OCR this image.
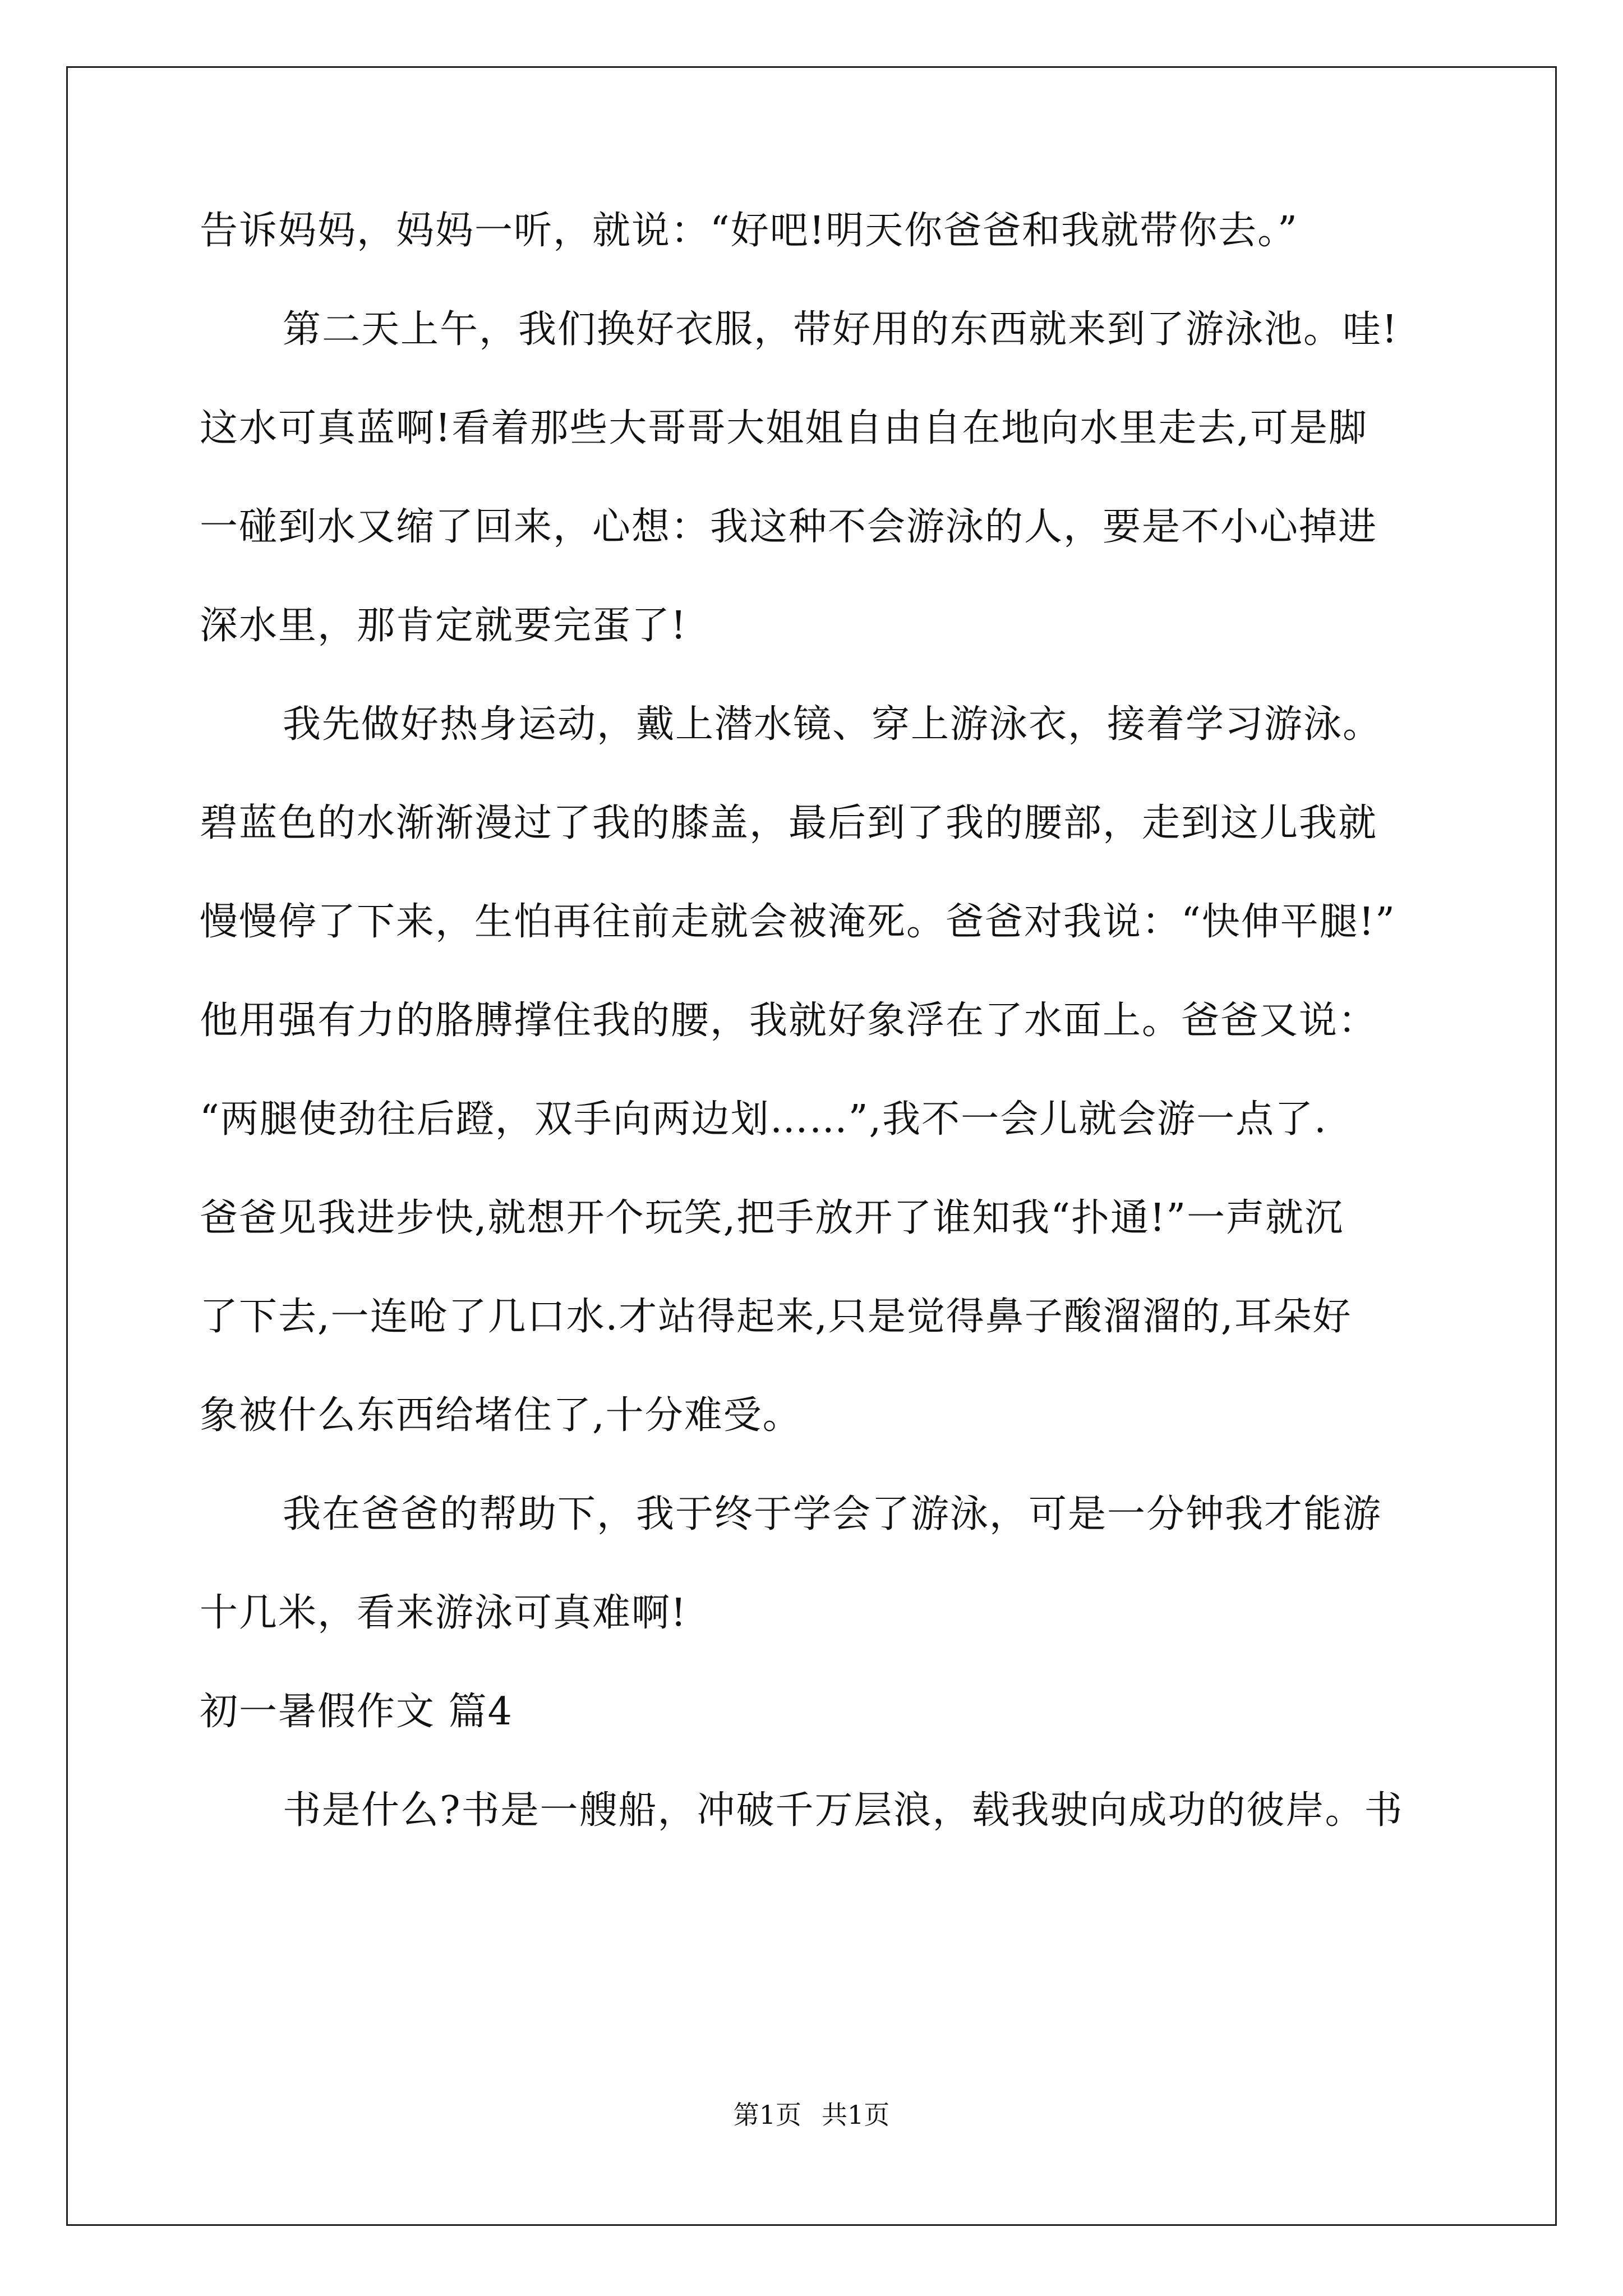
告诉妈妈，妈妈一听，就说：“好吧!明天你爸爸和我就带你去。”
第二天上午，我们换好衣服，带好用的东西就来到了游泳池。哇!
这水可真蓝啊!看着那些大哥哥大姐姐自由自在地向水里走去,可是脚
一碰到水又缩了回来，心想：我这种不会游泳的人，要是不小心掉进
深水里，那肯定就要完蛋了!
我先做好热身运动，戴上潜水镜、穿上游泳衣，接着学习游泳。
碧蓝色的水渐渐漫过了我的膝盖，最后到了我的腰部，走到这儿我就
慢慢停了下来，生怕再往前走就会被淹死。爸爸对我说：“快伸平腿!”
他用强有力的胳膊撑住我的腰，我就好象浮在了水面上。爸爸又说：
“两腿使劲往后蹬，双手向两边划……”,我不一会儿就会游一点了.
爸爸见我进步快,就想开个玩笑,把手放开了谁知我“扑通!”一声就沉
了下去,一连呛了几口水.才站得起来,只是觉得鼻子酸溜溜的,耳朵好
象被什么东西给堵住了,十分难受。
我在爸爸的帮助下，我于终于学会了游泳，可是一分钟我才能游
十几米，看来游泳可真难啊!
初一暑假作文 篇4
书是什么?书是一艘船，冲破千万层浪，载我驶向成功的彼岸。书
第1页 共1页
